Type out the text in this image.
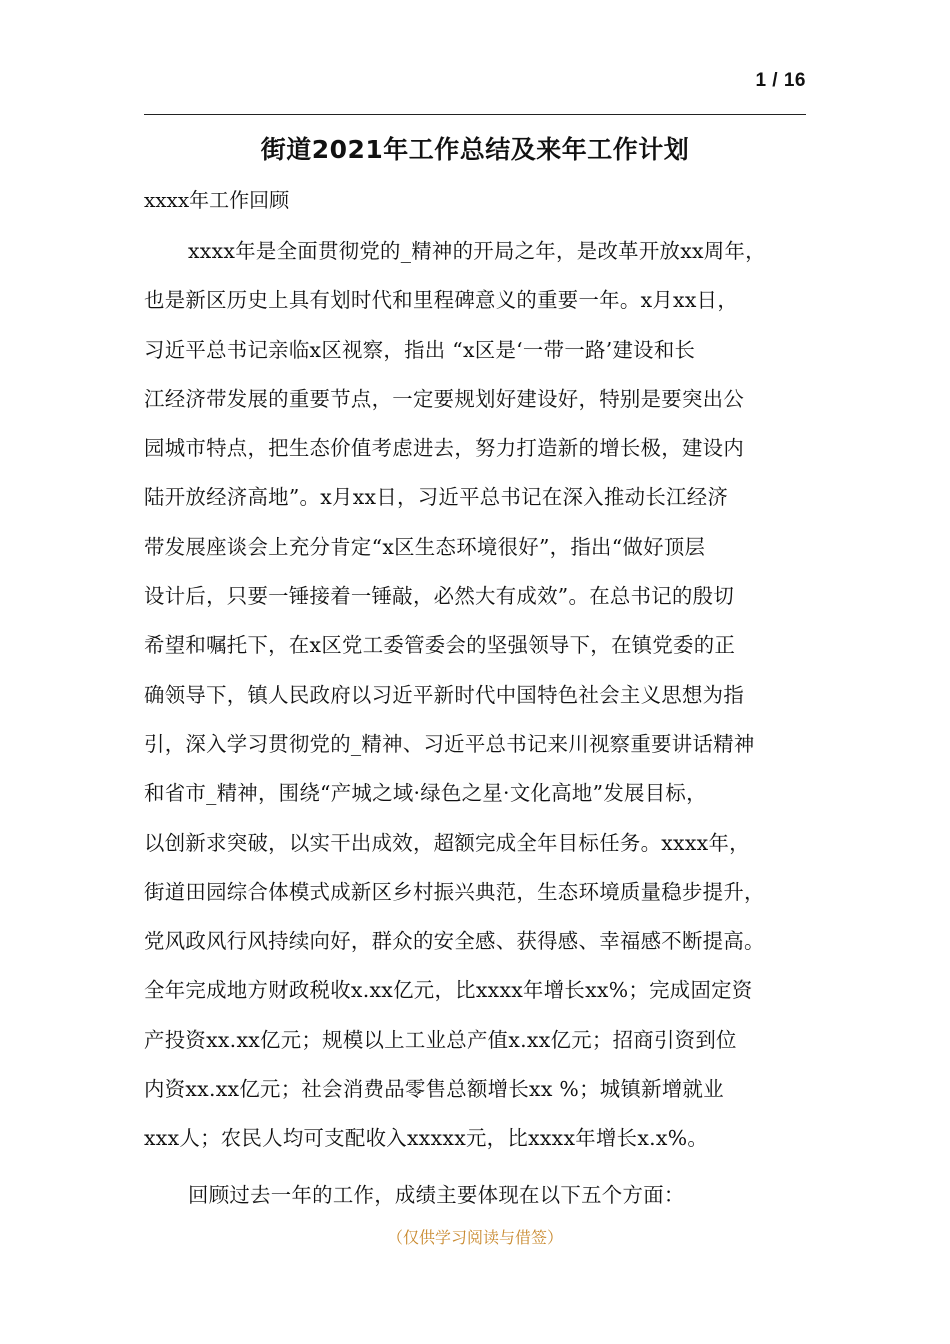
1 / 16
街道2021年工作总结及来年工作计划
xxxx年工作回顾
xxxx年是全面贯彻党的_精神的开局之年，是改革开放xx周年，
也是新区历史上具有划时代和里程碑意义的重要一年。x月xx日，
习近平总书记亲临x区视察，指出 “x区是‘一带一路’建设和长
江经济带发展的重要节点，一定要规划好建设好，特别是要突出公
园城市特点，把生态价值考虑进去，努力打造新的增长极，建设内
陆开放经济高地”。x月xx日，习近平总书记在深入推动长江经济
带发展座谈会上充分肯定“x区生态环境很好”，指出“做好顶层
设计后，只要一锤接着一锤敲，必然大有成效”。在总书记的殷切
希望和嘱托下，在x区党工委管委会的坚强领导下，在镇党委的正
确领导下，镇人民政府以习近平新时代中国特色社会主义思想为指
引，深入学习贯彻党的_精神、习近平总书记来川视察重要讲话精神
和省市_精神，围绕“产城之域·绿色之星·文化高地”发展目标，
以创新求突破，以实干出成效，超额完成全年目标任务。xxxx年，
街道田园综合体模式成新区乡村振兴典范，生态环境质量稳步提升，
党风政风行风持续向好，群众的安全感、获得感、幸福感不断提高。
全年完成地方财政税收x.xx亿元，比xxxx年增长xx%；完成固定资
产投资xx.xx亿元；规模以上工业总产值x.xx亿元；招商引资到位
内资xx.xx亿元；社会消费品零售总额增长xx %；城镇新增就业
xxx人；农民人均可支配收入xxxxx元，比xxxx年增长x.x%。
回顾过去一年的工作，成绩主要体现在以下五个方面：
（仅供学习阅读与借签）
